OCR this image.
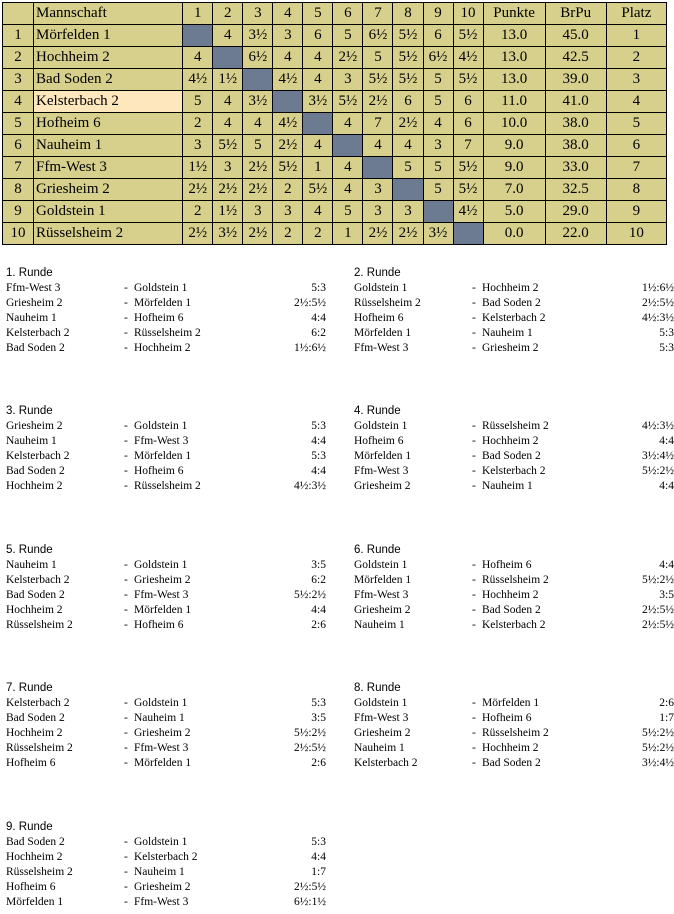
	Mannschaft	1	2	3	4	5	6	7	8	9	10	Punkte	BrPu	Platz
1	Mörfelden 1		4	3½	3	6	5	6½	5½	6	5½	13.0	45.0	1
2	Hochheim 2	4		6½	4	4	2½	5	5½	6½	4½	13.0	42.5	2
3	Bad Soden 2	4½	1½		4½	4	3	5½	5½	5	5½	13.0	39.0	3
4	Kelsterbach 2	5	4	3½		3½	5½	2½	6	5	6	11.0	41.0	4
5	Hofheim 6	2	4	4	4½		4	7	2½	4	6	10.0	38.0	5
6	Nauheim 1	3	5½	5	2½	4		4	4	3	7	9.0	38.0	6
7	Ffm-West 3	1½	3	2½	5½	1	4		5	5	5½	9.0	33.0	7
8	Griesheim 2	2½	2½	2½	2	5½	4	3		5	5½	7.0	32.5	8
9	Goldstein 1	2	1½	3	3	4	5	3	3		4½	5.0	29.0	9
10	Rüsselsheim 2	2½	3½	2½	2	2	1	2½	2½	3½		0.0	22.0	10
1. Runde
Ffm-West 3	- Goldstein 1	5:3
Griesheim 2	- Mörfelden 1	2½:5½
Nauheim 1	- Hofheim 6	4:4
Kelsterbach 2	- Rüsselsheim 2	6:2
Bad Soden 2	- Hochheim 2	1½:6½
2. Runde
Goldstein 1	- Hochheim 2	1½:6½
Rüsselsheim 2	- Bad Soden 2	2½:5½
Hofheim 6	- Kelsterbach 2	4½:3½
Mörfelden 1	- Nauheim 1	5:3
Ffm-West 3	- Griesheim 2	5:3
3. Runde
Griesheim 2	- Goldstein 1	5:3
Nauheim 1	- Ffm-West 3	4:4
Kelsterbach 2	- Mörfelden 1	5:3
Bad Soden 2	- Hofheim 6	4:4
Hochheim 2	- Rüsselsheim 2	4½:3½
4. Runde
Goldstein 1	- Rüsselsheim 2	4½:3½
Hofheim 6	- Hochheim 2	4:4
Mörfelden 1	- Bad Soden 2	3½:4½
Ffm-West 3	- Kelsterbach 2	5½:2½
Griesheim 2	- Nauheim 1	4:4
5. Runde
Nauheim 1	- Goldstein 1	3:5
Kelsterbach 2	- Griesheim 2	6:2
Bad Soden 2	- Ffm-West 3	5½:2½
Hochheim 2	- Mörfelden 1	4:4
Rüsselsheim 2	- Hofheim 6	2:6
6. Runde
Goldstein 1	- Hofheim 6	4:4
Mörfelden 1	- Rüsselsheim 2	5½:2½
Ffm-West 3	- Hochheim 2	3:5
Griesheim 2	- Bad Soden 2	2½:5½
Nauheim 1	- Kelsterbach 2	2½:5½
7. Runde
Kelsterbach 2	- Goldstein 1	5:3
Bad Soden 2	- Nauheim 1	3:5
Hochheim 2	- Griesheim 2	5½:2½
Rüsselsheim 2	- Ffm-West 3	2½:5½
Hofheim 6	- Mörfelden 1	2:6
8. Runde
Goldstein 1	- Mörfelden 1	2:6
Ffm-West 3	- Hofheim 6	1:7
Griesheim 2	- Rüsselsheim 2	5½:2½
Nauheim 1	- Hochheim 2	5½:2½
Kelsterbach 2	- Bad Soden 2	3½:4½
9. Runde
Bad Soden 2	- Goldstein 1	5:3
Hochheim 2	- Kelsterbach 2	4:4
Rüsselsheim 2	- Nauheim 1	1:7
Hofheim 6	- Griesheim 2	2½:5½
Mörfelden 1	- Ffm-West 3	6½:1½
